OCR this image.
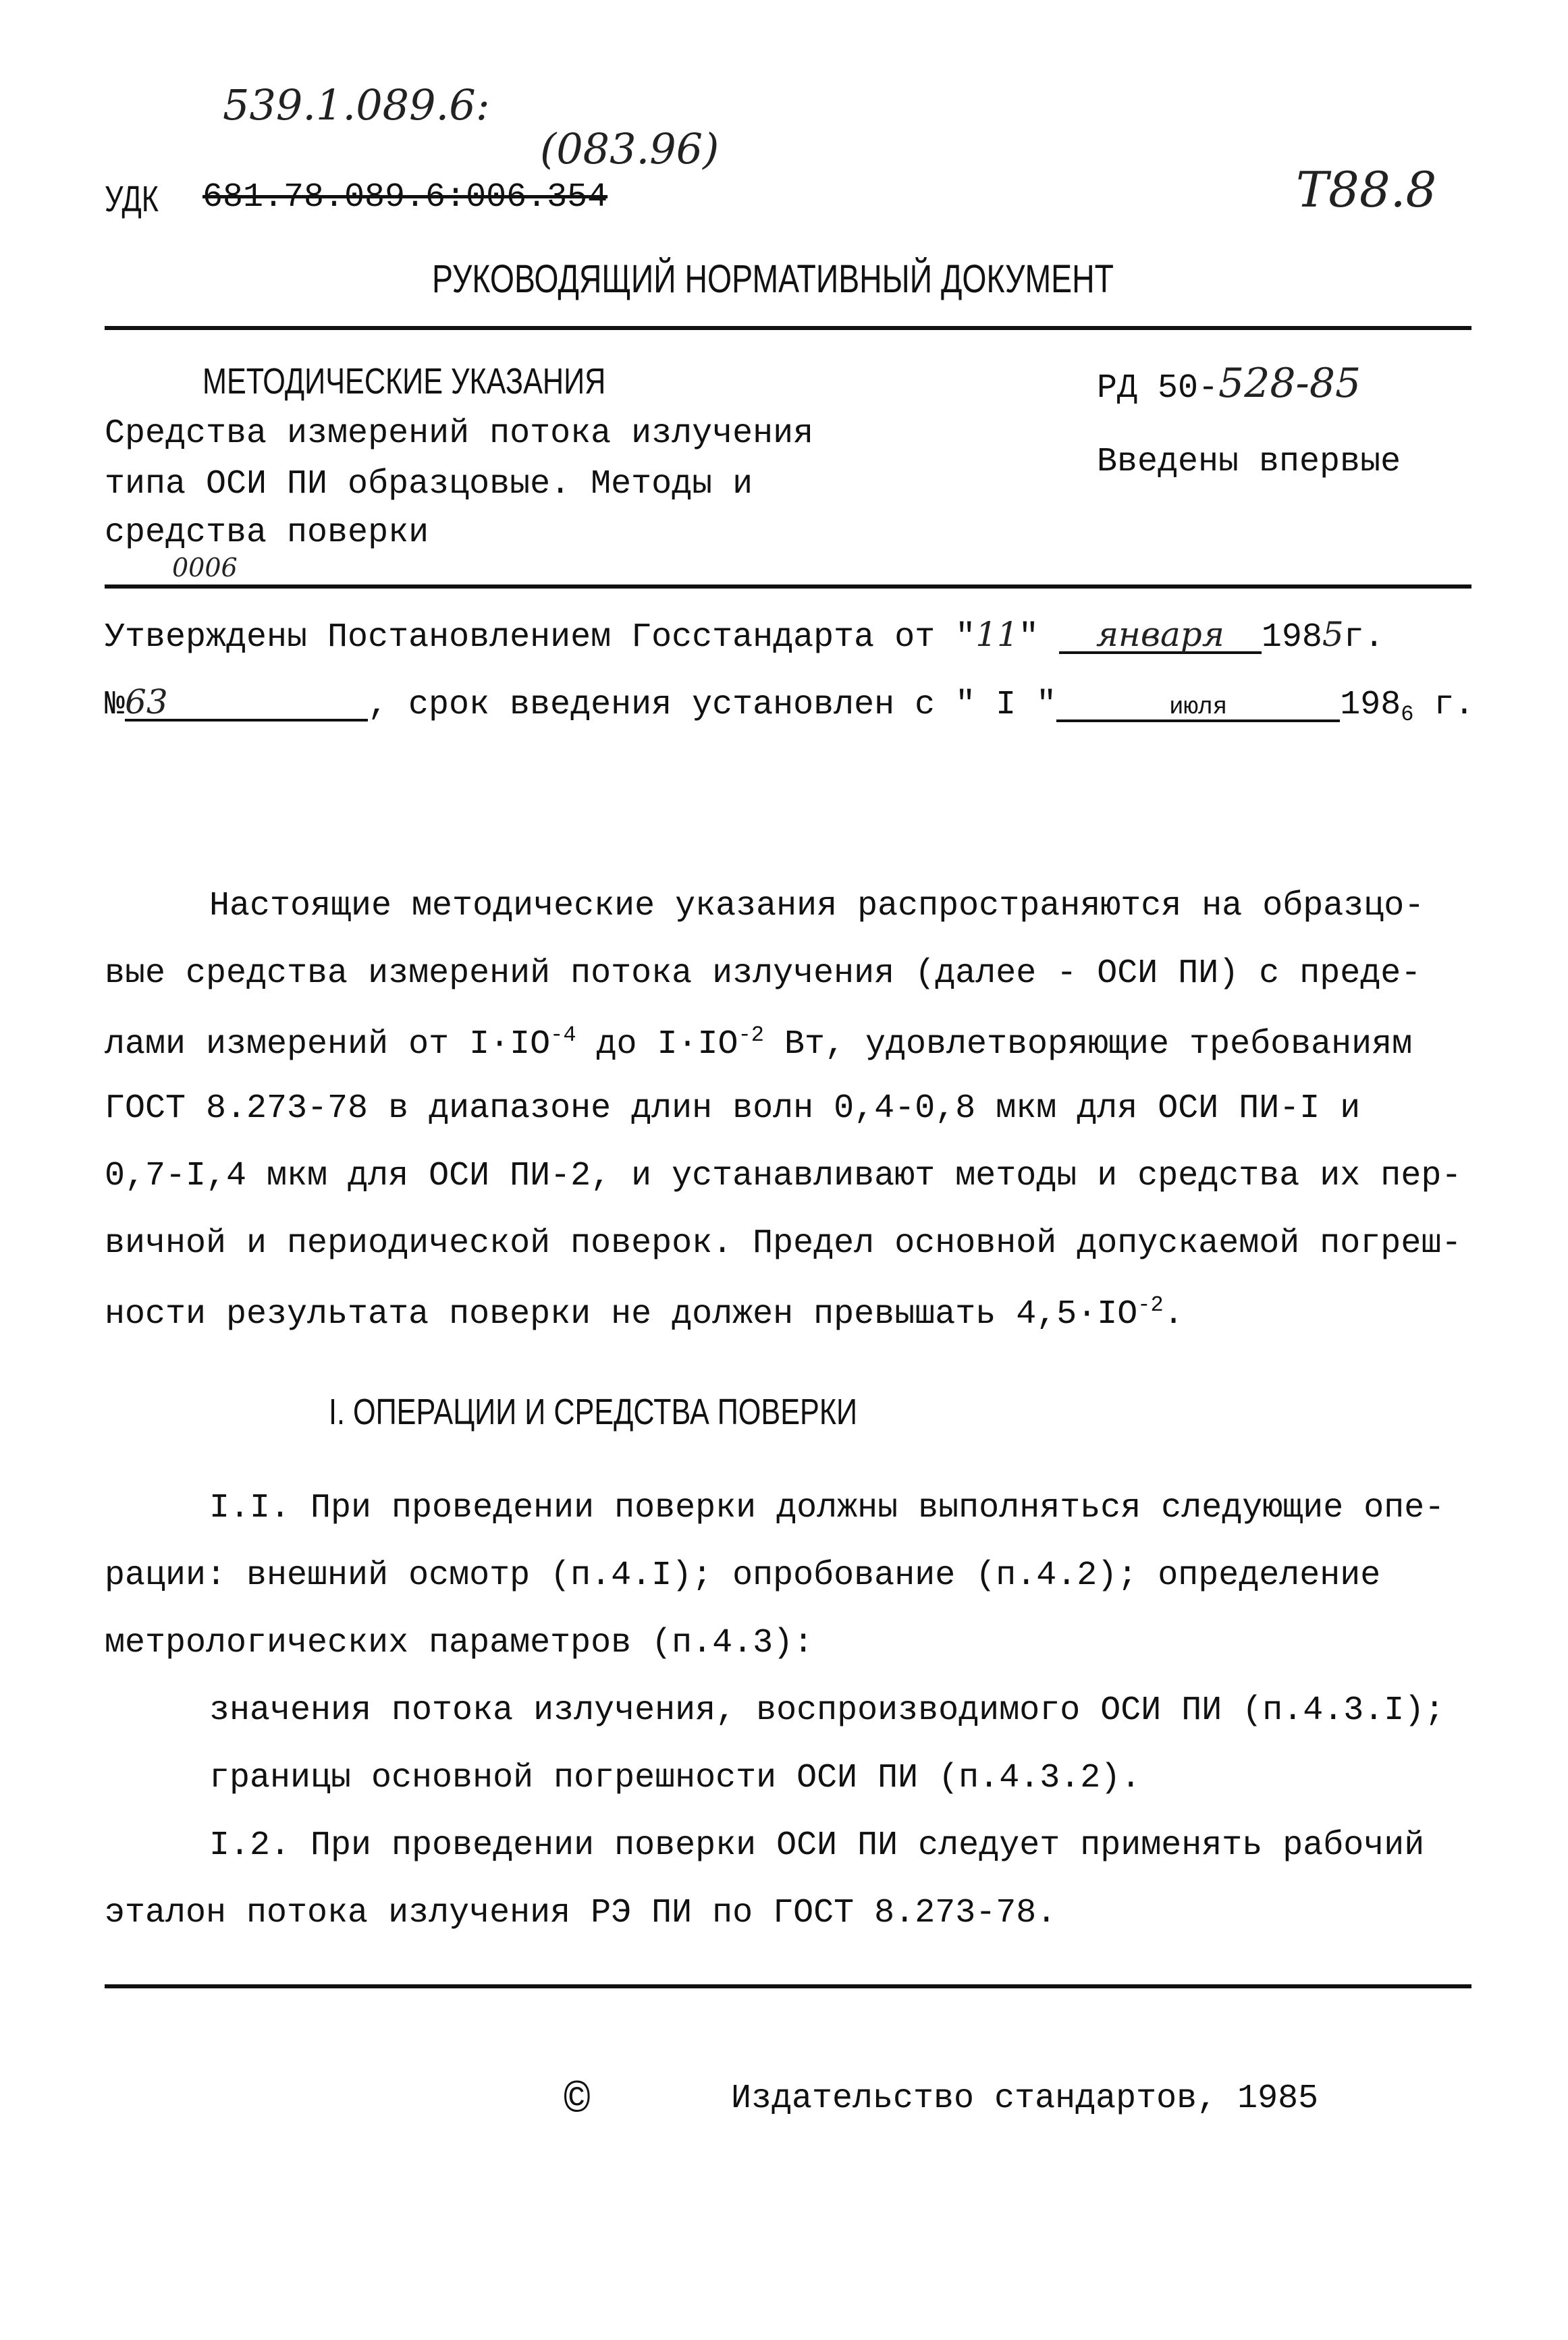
539.1.089.6:
(083.96)
УДК 681.78.089.6:006.354	Т88.8
РУКОВОДЯЩИЙ НОРМАТИВНЫЙ ДОКУМЕНТ
МЕТОДИЧЕСКИЕ УКАЗАНИЯ
Средства измерений потока излучения
типа ОСИ ПИ образцовые. Методы и
средства поверки
0006
РД 50-528-85
Введены впервые
Утверждены Постановлением Госстандарта от "11" января 1985г.
№63	, срок введения установлен с " I "	июля	$198_6$ г.
Настоящие методические указания распространяются на образцо-
вые средства измерений потока излучения (далее - ОСИ ПИ) с преде-
лами измерений от $I\cdot IO^{-4}$ до $I\cdot IO^{-2}$ Вт, удовлетворяющие требованиям
ГОСТ 8.273-78 в диапазоне длин волн 0,4-0,8 мкм для ОСИ ПИ-I и
0,7-I,4 мкм для ОСИ ПИ-2, и устанавливают методы и средства их пер-
вичной и периодической поверок. Предел основной допускаемой погреш-
ности результата поверки не должен превышать $4,5\cdot IO^{-2}$.
I. ОПЕРАЦИИ И СРЕДСТВА ПОВЕРКИ
I.I. При проведении поверки должны выполняться следующие опе-
рации: внешний осмотр (п.4.I); опробование (п.4.2); определение
метрологических параметров (п.4.3):
значения потока излучения, воспроизводимого ОСИ ПИ (п.4.3.I);
границы основной погрешности ОСИ ПИ (п.4.3.2).
I.2. При проведении поверки ОСИ ПИ следует применять рабочий
эталон потока излучения РЭ ПИ по ГОСТ 8.273-78.
©	Издательство стандартов, 1985
